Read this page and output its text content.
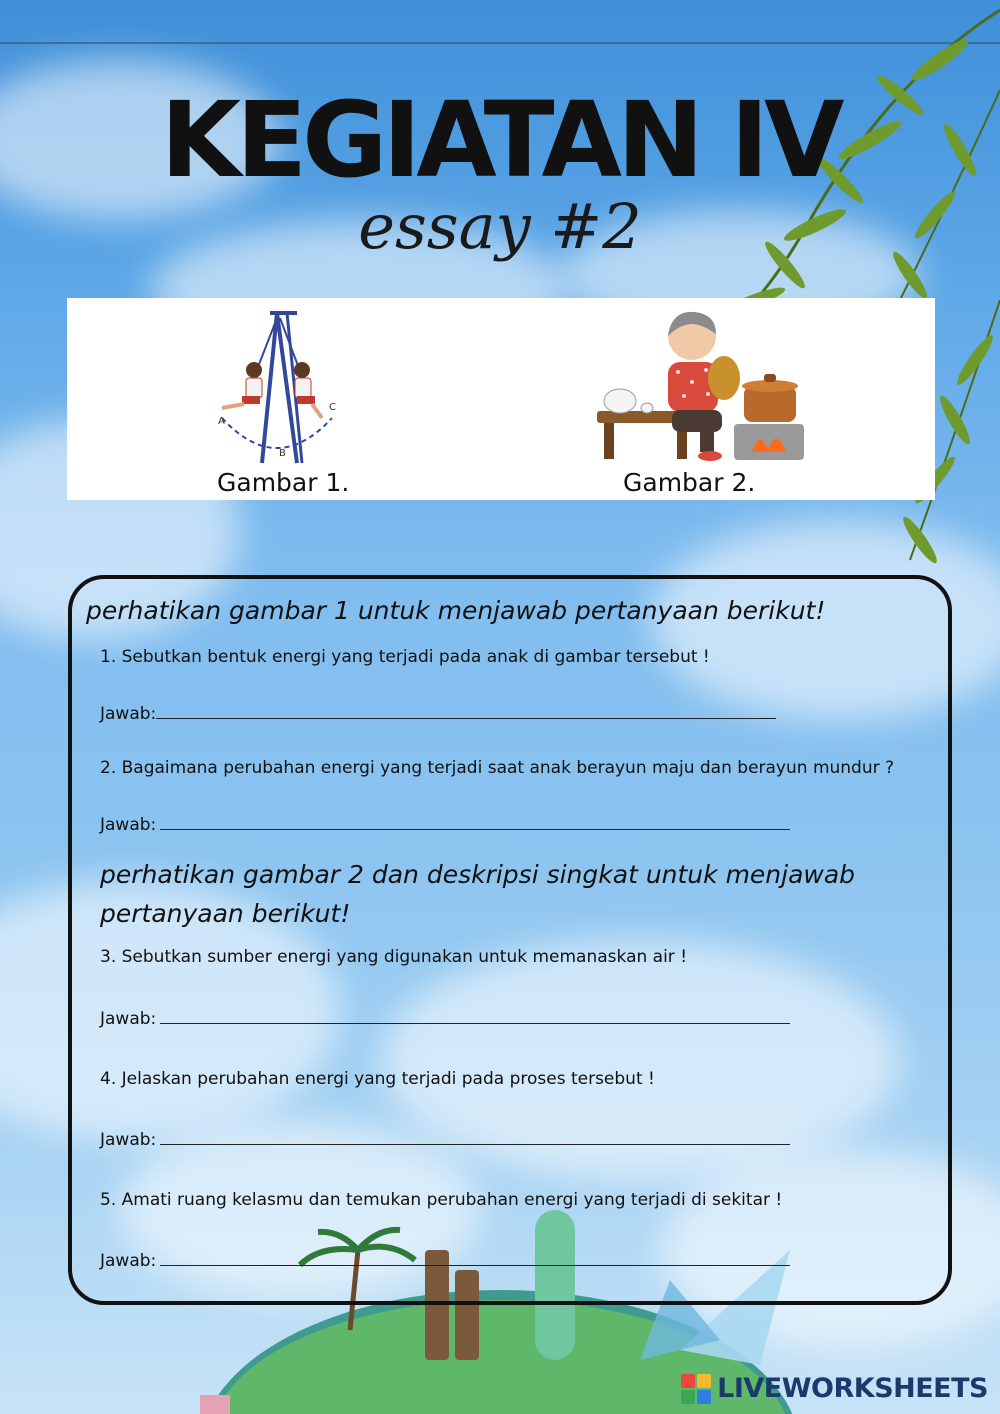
KEGIATAN IV
essay #2
A
B
C
Gambar 1.	Gambar 2.
perhatikan gambar 1 untuk menjawab pertanyaan berikut!
1. Sebutkan bentuk energi yang terjadi pada anak di gambar tersebut !
Jawab:
2. Bagaimana perubahan energi yang terjadi saat anak berayun maju dan berayun mundur ?
Jawab:
perhatikan gambar 2 dan deskripsi singkat untuk menjawab
pertanyaan berikut!
3. Sebutkan sumber energi yang digunakan untuk memanaskan air !
Jawab:
4. Jelaskan perubahan energi yang terjadi pada proses tersebut !
Jawab:
5. Amati ruang kelasmu dan temukan perubahan energi yang terjadi di sekitar !
Jawab:
LIVEWORKSHEETS
